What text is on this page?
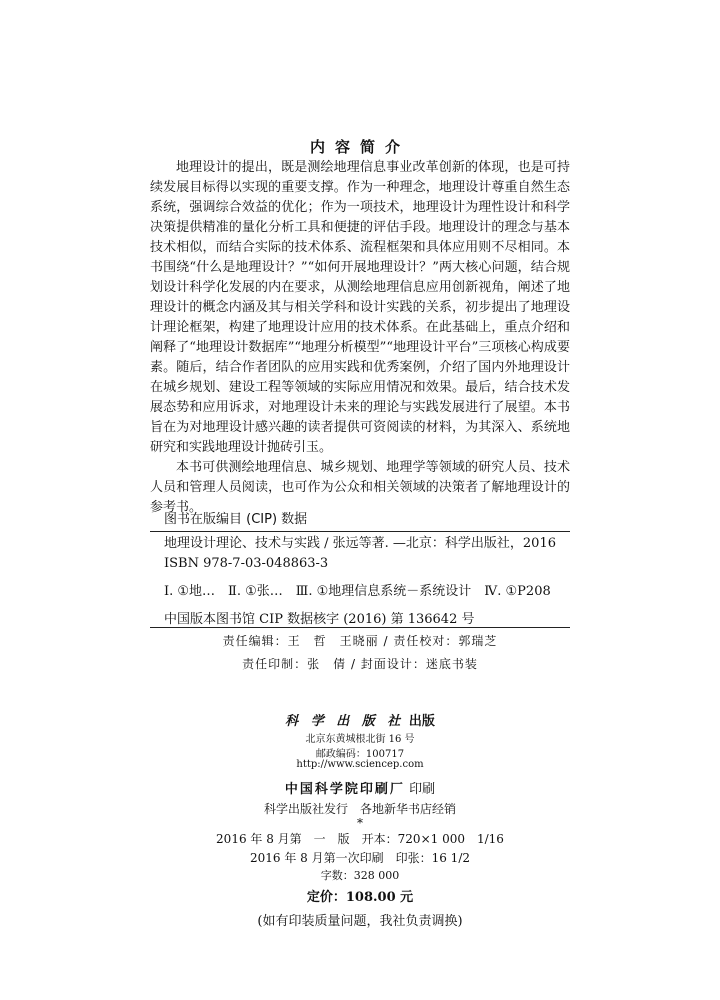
内容简介

地理设计的提出，既是测绘地理信息事业改革创新的体现，也是可持续发展目标得以实现的重要支撑。作为一种理念，地理设计尊重自然生态系统，强调综合效益的优化；作为一项技术，地理设计为理性设计和科学决策提供精准的量化分析工具和便捷的评估手段。地理设计的理念与基本技术相似，而结合实际的技术体系、流程框架和具体应用则不尽相同。本书围绕“什么是地理设计？”“如何开展地理设计？”两大核心问题，结合规划设计科学化发展的内在要求，从测绘地理信息应用创新视角，阐述了地理设计的概念内涵及其与相关学科和设计实践的关系，初步提出了地理设计理论框架，构建了地理设计应用的技术体系。在此基础上，重点介绍和阐释了“地理设计数据库”“地理分析模型”“地理设计平台”三项核心构成要素。随后，结合作者团队的应用实践和优秀案例，介绍了国内外地理设计在城乡规划、建设工程等领域的实际应用情况和效果。最后，结合技术发展态势和应用诉求，对地理设计未来的理论与实践发展进行了展望。本书旨在为对地理设计感兴趣的读者提供可资阅读的材料，为其深入、系统地研究和实践地理设计抛砖引玉。

本书可供测绘地理信息、城乡规划、地理学等领域的研究人员、技术人员和管理人员阅读，也可作为公众和相关领域的决策者了解地理设计的参考书。

图书在版编目 (CIP) 数据
地理设计理论、技术与实践 / 张远等著. —北京：科学出版社，2016
ISBN 978-7-03-048863-3
Ⅰ. ①地…　Ⅱ. ①张…　Ⅲ. ①地理信息系统－系统设计　Ⅳ. ①P208
中国版本图书馆 CIP 数据核字 (2016) 第 136642 号
责任编辑：王　哲　王晓丽 / 责任校对：郭瑞芝
责任印制：张　倩 / 封面设计：迷底书装
科 学 出 版 社 出版
北京东黄城根北街 16 号
邮政编码：100717
http://www.sciencep.com
中国科学院印刷厂 印刷
科学出版社发行　各地新华书店经销
*
2016 年 8 月第　一　版　开本：720×1 000　1/16
2016 年 8 月第一次印刷　印张：16 1/2
字数：328 000
定价：108.00 元
(如有印装质量问题，我社负责调换)
